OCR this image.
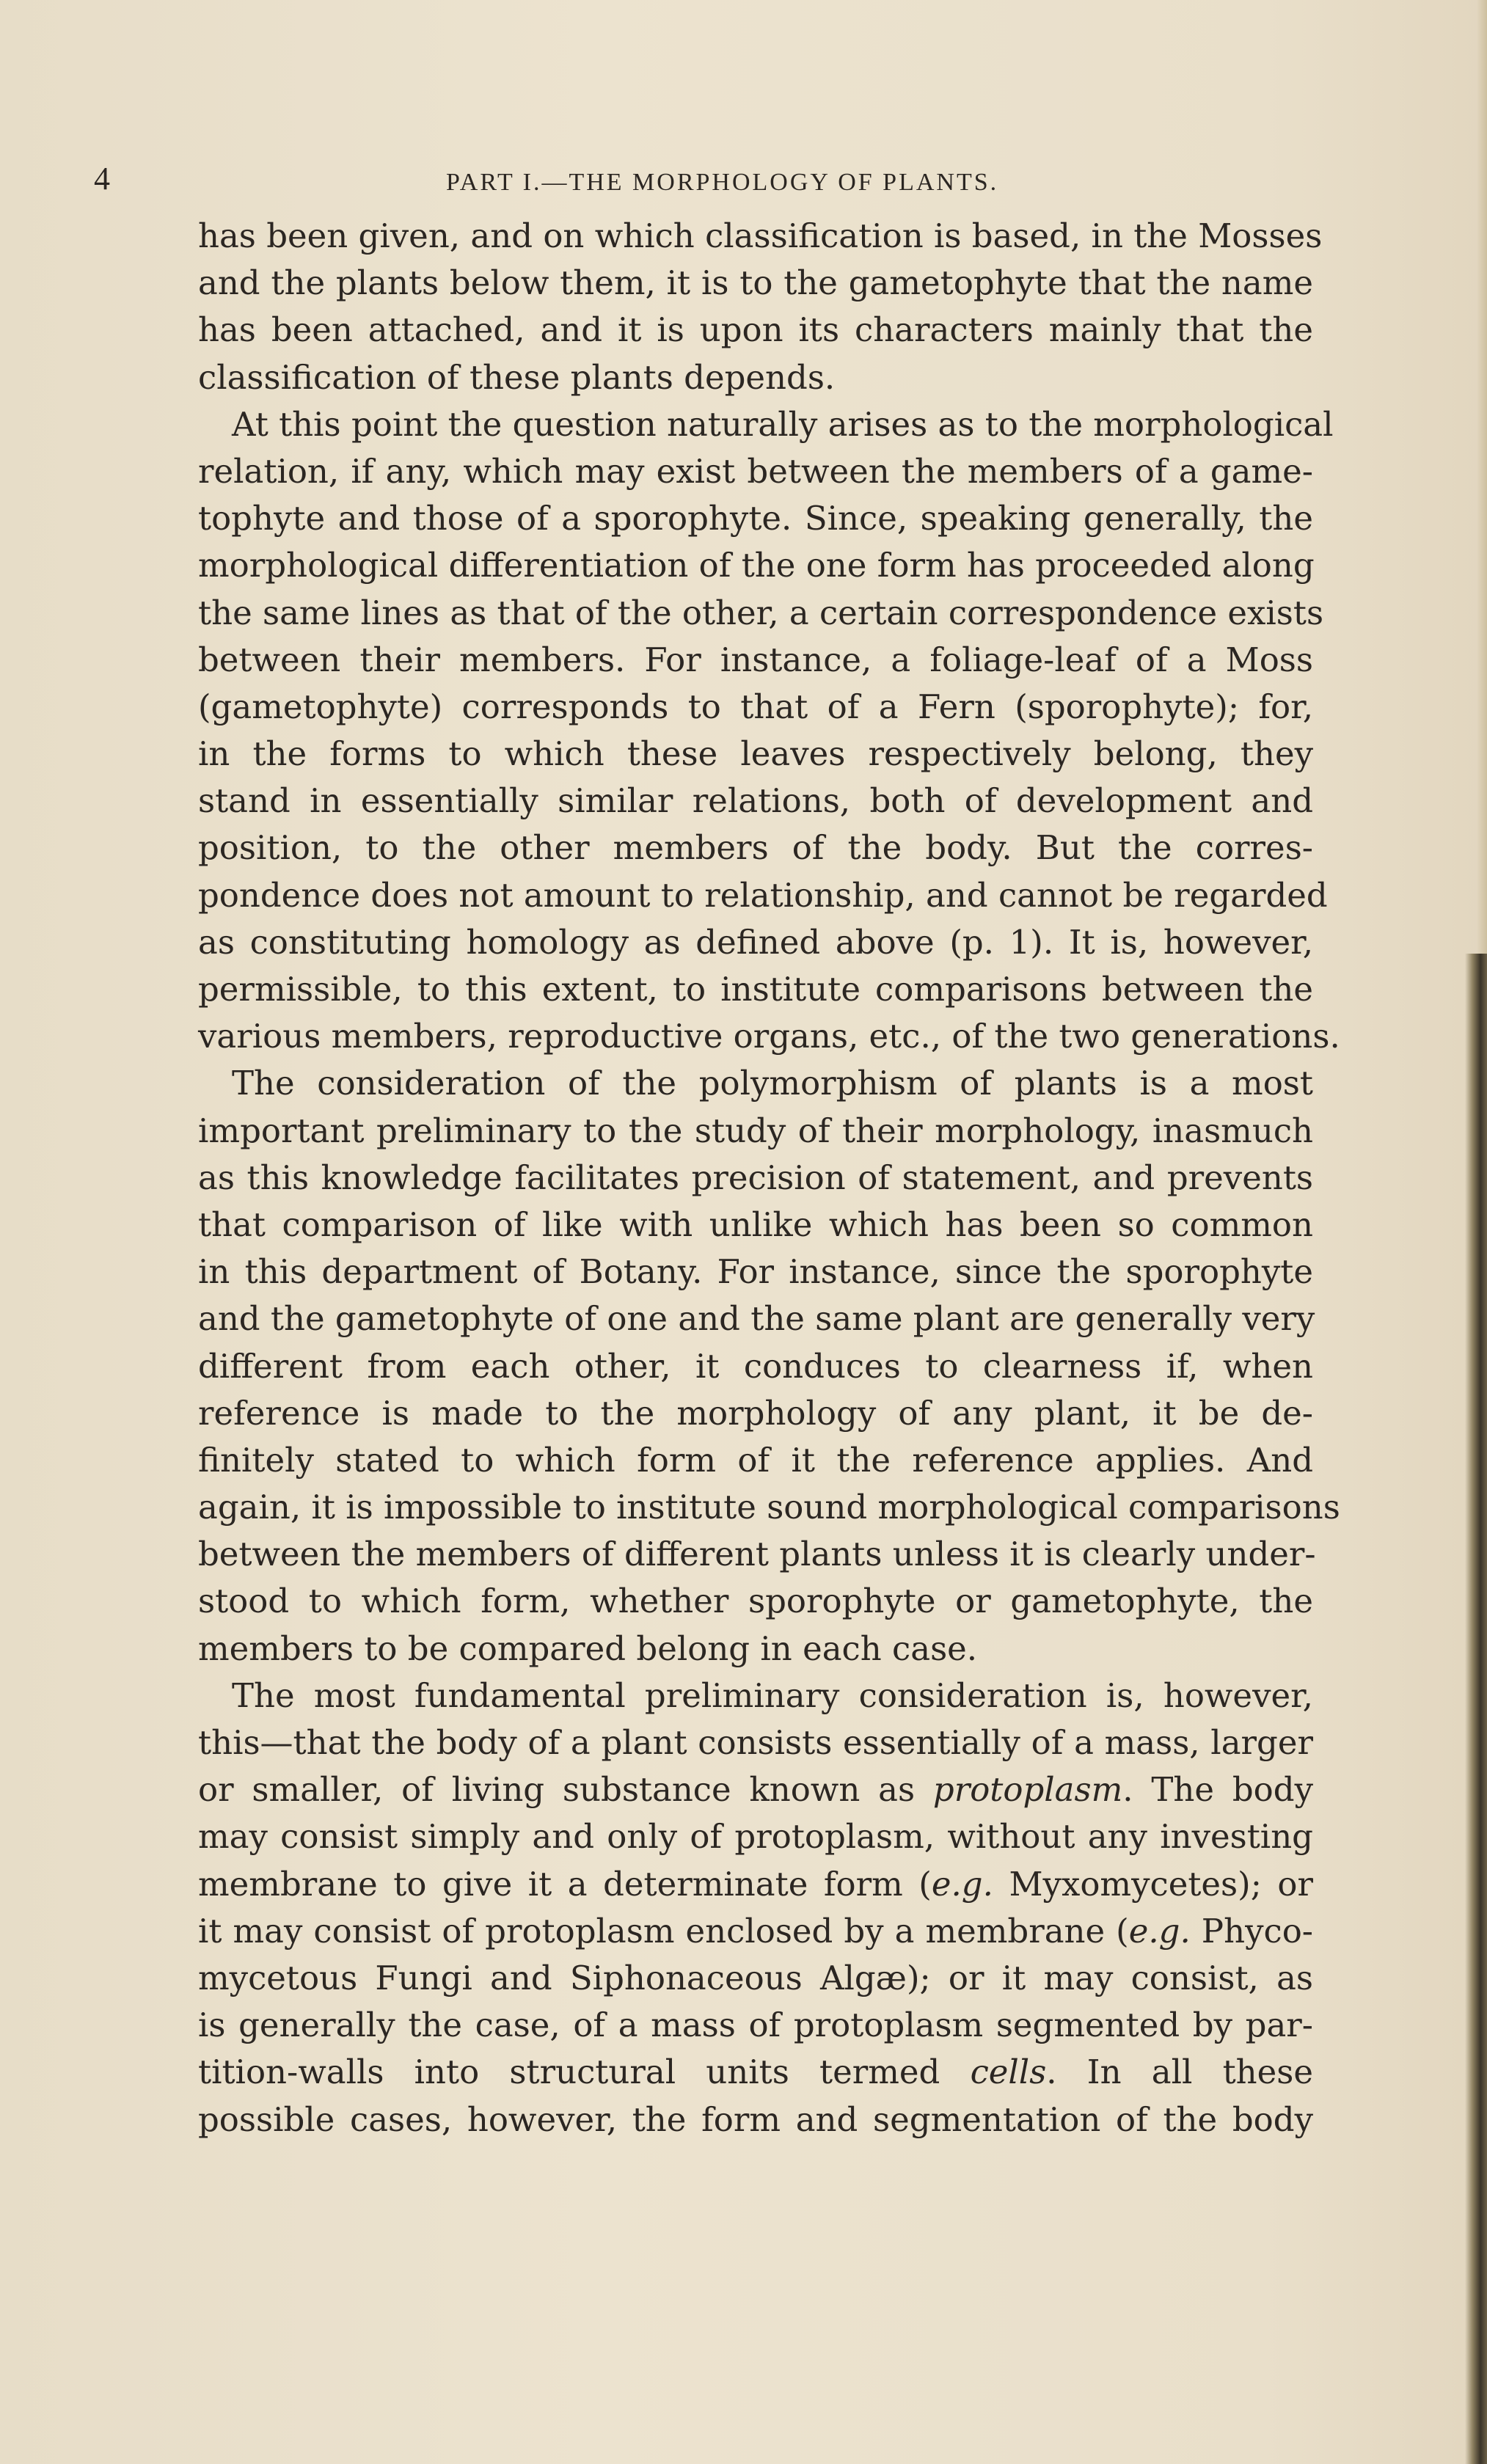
4	PART I.—THE MORPHOLOGY OF PLANTS.
has been given, and on which classification is based, in the Mosses
and the plants below them, it is to the gametophyte that the name
has been attached, and it is upon its characters mainly that the
classification of these plants depends.
At this point the question naturally arises as to the morphological
relation, if any, which may exist between the members of a game-
tophyte and those of a sporophyte. Since, speaking generally, the
morphological differentiation of the one form has proceeded along
the same lines as that of the other, a certain correspondence exists
between their members. For instance, a foliage-leaf of a Moss
(gametophyte) corresponds to that of a Fern (sporophyte); for,
in the forms to which these leaves respectively belong, they
stand in essentially similar relations, both of development and
position, to the other members of the body. But the corres-
pondence does not amount to relationship, and cannot be regarded
as constituting homology as defined above (p. 1). It is, however,
permissible, to this extent, to institute comparisons between the
various members, reproductive organs, etc., of the two generations.
The consideration of the polymorphism of plants is a most
important preliminary to the study of their morphology, inasmuch
as this knowledge facilitates precision of statement, and prevents
that comparison of like with unlike which has been so common
in this department of Botany. For instance, since the sporophyte
and the gametophyte of one and the same plant are generally very
different from each other, it conduces to clearness if, when
reference is made to the morphology of any plant, it be de-
finitely stated to which form of it the reference applies. And
again, it is impossible to institute sound morphological comparisons
between the members of different plants unless it is clearly under-
stood to which form, whether sporophyte or gametophyte, the
members to be compared belong in each case.
The most fundamental preliminary consideration is, however,
this—that the body of a plant consists essentially of a mass, larger
or smaller, of living substance known as protoplasm. The body
may consist simply and only of protoplasm, without any investing
membrane to give it a determinate form (e.g. Myxomycetes); or
it may consist of protoplasm enclosed by a membrane (e.g. Phyco-
mycetous Fungi and Siphonaceous Algæ); or it may consist, as
is generally the case, of a mass of protoplasm segmented by par-
tition-walls into structural units termed cells. In all these
possible cases, however, the form and segmentation of the body
